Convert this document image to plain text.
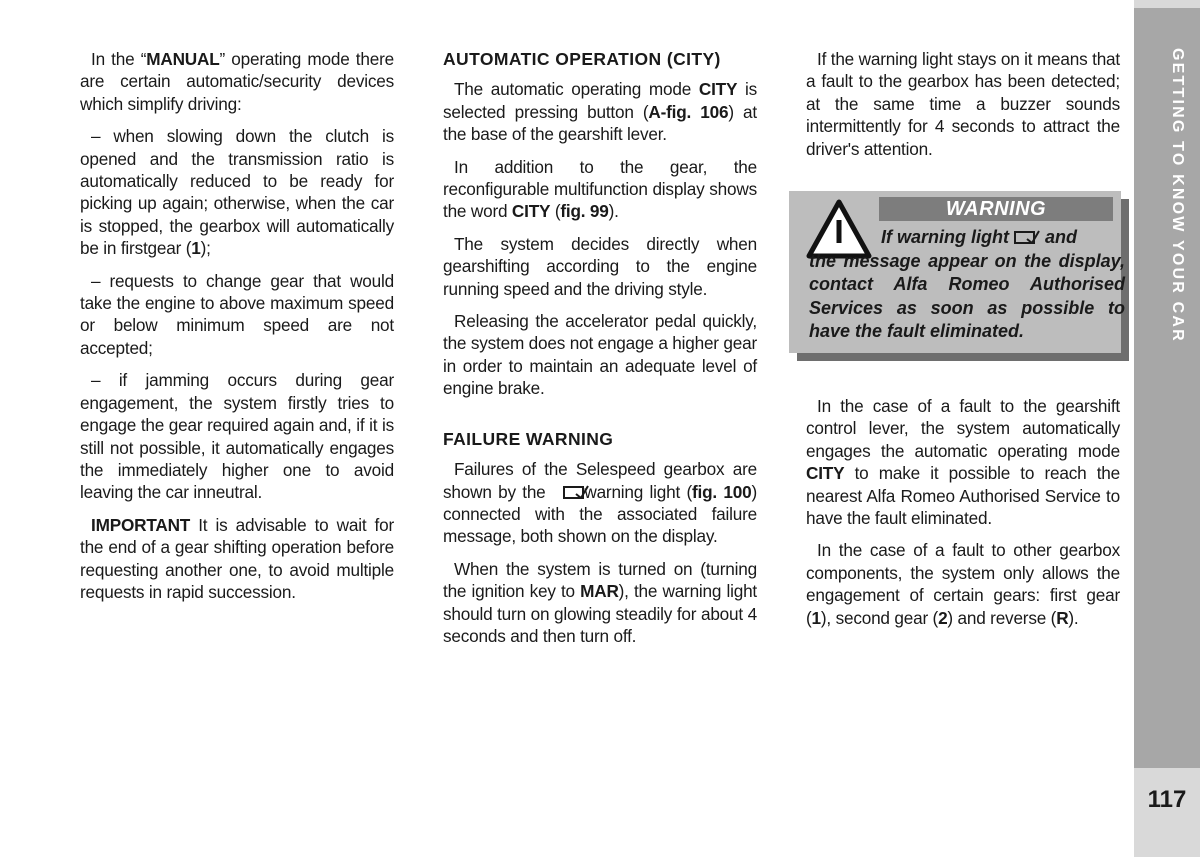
In the “MANUAL” operating mode there are certain automatic/security devices which simplify driving:

– when slowing down the clutch is opened and the transmission ratio is automatically reduced to be ready for picking up again; otherwise, when the car is stopped, the gearbox will automatically be in firstgear (1);

– requests to change gear that would take the engine to above maximum speed or below minimum speed are not accepted;

– if jamming occurs during gear engagement, the system firstly tries to engage the gear required again and, if it is still not possible, it automatically engages the immediately higher one to avoid leaving the car inneutral.

IMPORTANT It is advisable to wait for the end of a gear shifting operation before requesting another one, to avoid multiple requests in rapid succession.

AUTOMATIC OPERATION (CITY)

The automatic operating mode CITY is selected pressing button (A-fig. 106) at the base of the gearshift lever.

In addition to the gear, the reconfigurable multifunction display shows the word CITY (fig. 99).

The system decides directly when gearshifting according to the engine running speed and the driving style.

Releasing the accelerator pedal quickly, the system does not engage a higher gear in order to maintain an adequate level of engine brake.

FAILURE WARNING

Failures of the Selespeed gearbox are shown by the  warning light (fig. 100) connected with the associated failure message, both shown on the display.

When the system is turned on (turning the ignition key to MAR), the warning light should turn on glowing steadily for about 4 seconds and then turn off.

If the warning light stays on it means that a fault to the gearbox has been detected; at the same time a buzzer sounds intermittently for 4 seconds to attract the driver's attention.

WARNING
If warning light  and
the message appear on the display, contact Alfa Romeo Authorised Services as soon as possible to have the fault eliminated.

In the case of a fault to the gearshift control lever, the system automatically engages the automatic operating mode CITY to make it possible to reach the nearest Alfa Romeo Authorised Service to have the fault eliminated.

In the case of a fault to other gearbox components, the system only allows the engagement of certain gears: first gear (1), second gear (2) and reverse (R).

GETTING TO KNOW YOUR CAR
117
